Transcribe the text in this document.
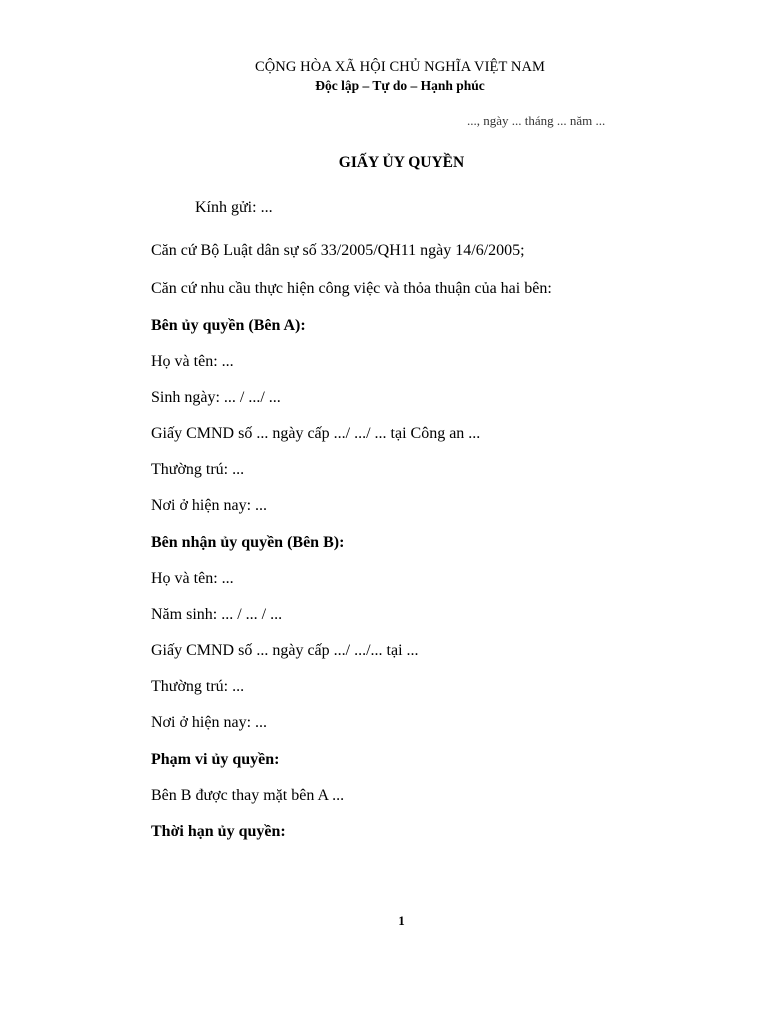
CỘNG HÒA XÃ HỘI CHỦ NGHĨA VIỆT NAM
Độc lập – Tự do – Hạnh phúc
..., ngày ... tháng ... năm ...
GIẤY ỦY QUYỀN
Kính gửi: ...
Căn cứ Bộ Luật dân sự số 33/2005/QH11 ngày 14/6/2005;
Căn cứ nhu cầu thực hiện công việc và thỏa thuận của hai bên:
Bên ủy quyền (Bên A):
Họ và tên: ...
Sinh ngày: ... / .../ ...
Giấy CMND số ... ngày cấp .../ .../ ... tại Công an ...
Thường trú: ...
Nơi ở hiện nay: ...
Bên nhận ủy quyền (Bên B):
Họ và tên: ...
Năm sinh: ... / ... / ...
Giấy CMND số ... ngày cấp .../ .../... tại ...
Thường trú: ...
Nơi ở hiện nay: ...
Phạm vi ủy quyền:
Bên B được thay mặt bên A ...
Thời hạn ủy quyền:
1
